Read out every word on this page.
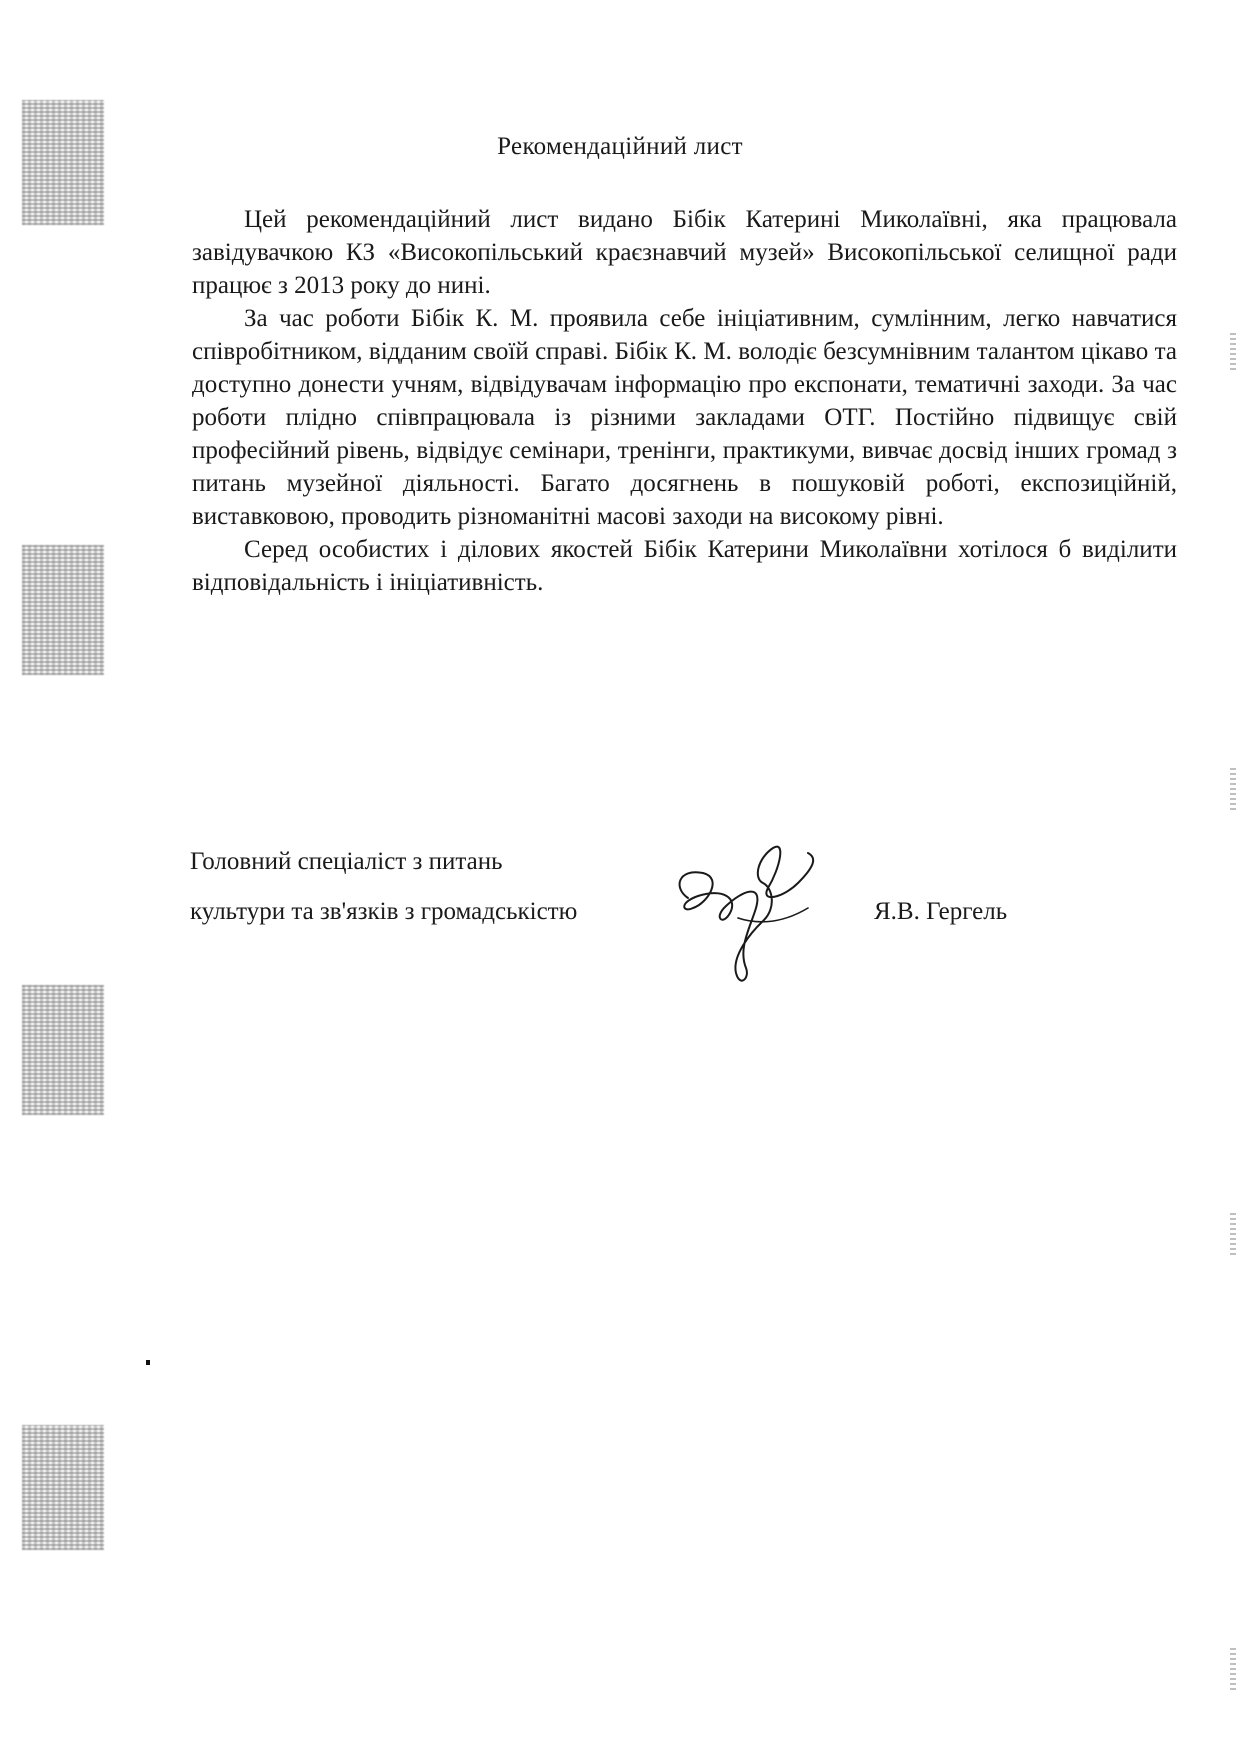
Рекомендаційний лист

Цей рекомендаційний лист видано Бібік Катерині Миколаївні, яка працювала завідувачкою КЗ «Високопільський краєзнавчий музей» Високопільської селищної ради працює з 2013 року до нині.

За час роботи Бібік К. М. проявила себе ініціативним, сумлінним, легко навчатися співробітником, відданим своїй справі. Бібік К. М. володіє безсумнівним талантом цікаво та доступно донести учням, відвідувачам інформацію про експонати, тематичні заходи. За час роботи плідно співпрацювала із різними закладами ОТГ. Постійно підвищує свій професійний рівень, відвідує семінари, тренінги, практикуми, вивчає досвід інших громад з питань музейної діяльності. Багато досягнень в пошуковій роботі, експозиційній, виставковою, проводить різноманітні масові заходи на високому рівні.

Серед особистих і ділових якостей Бібік Катерини Миколаївни хотілося б виділити відповідальність і ініціативність.

Головний спеціаліст з питань
культури та зв'язків з громадськістю	Я.В. Гергель
